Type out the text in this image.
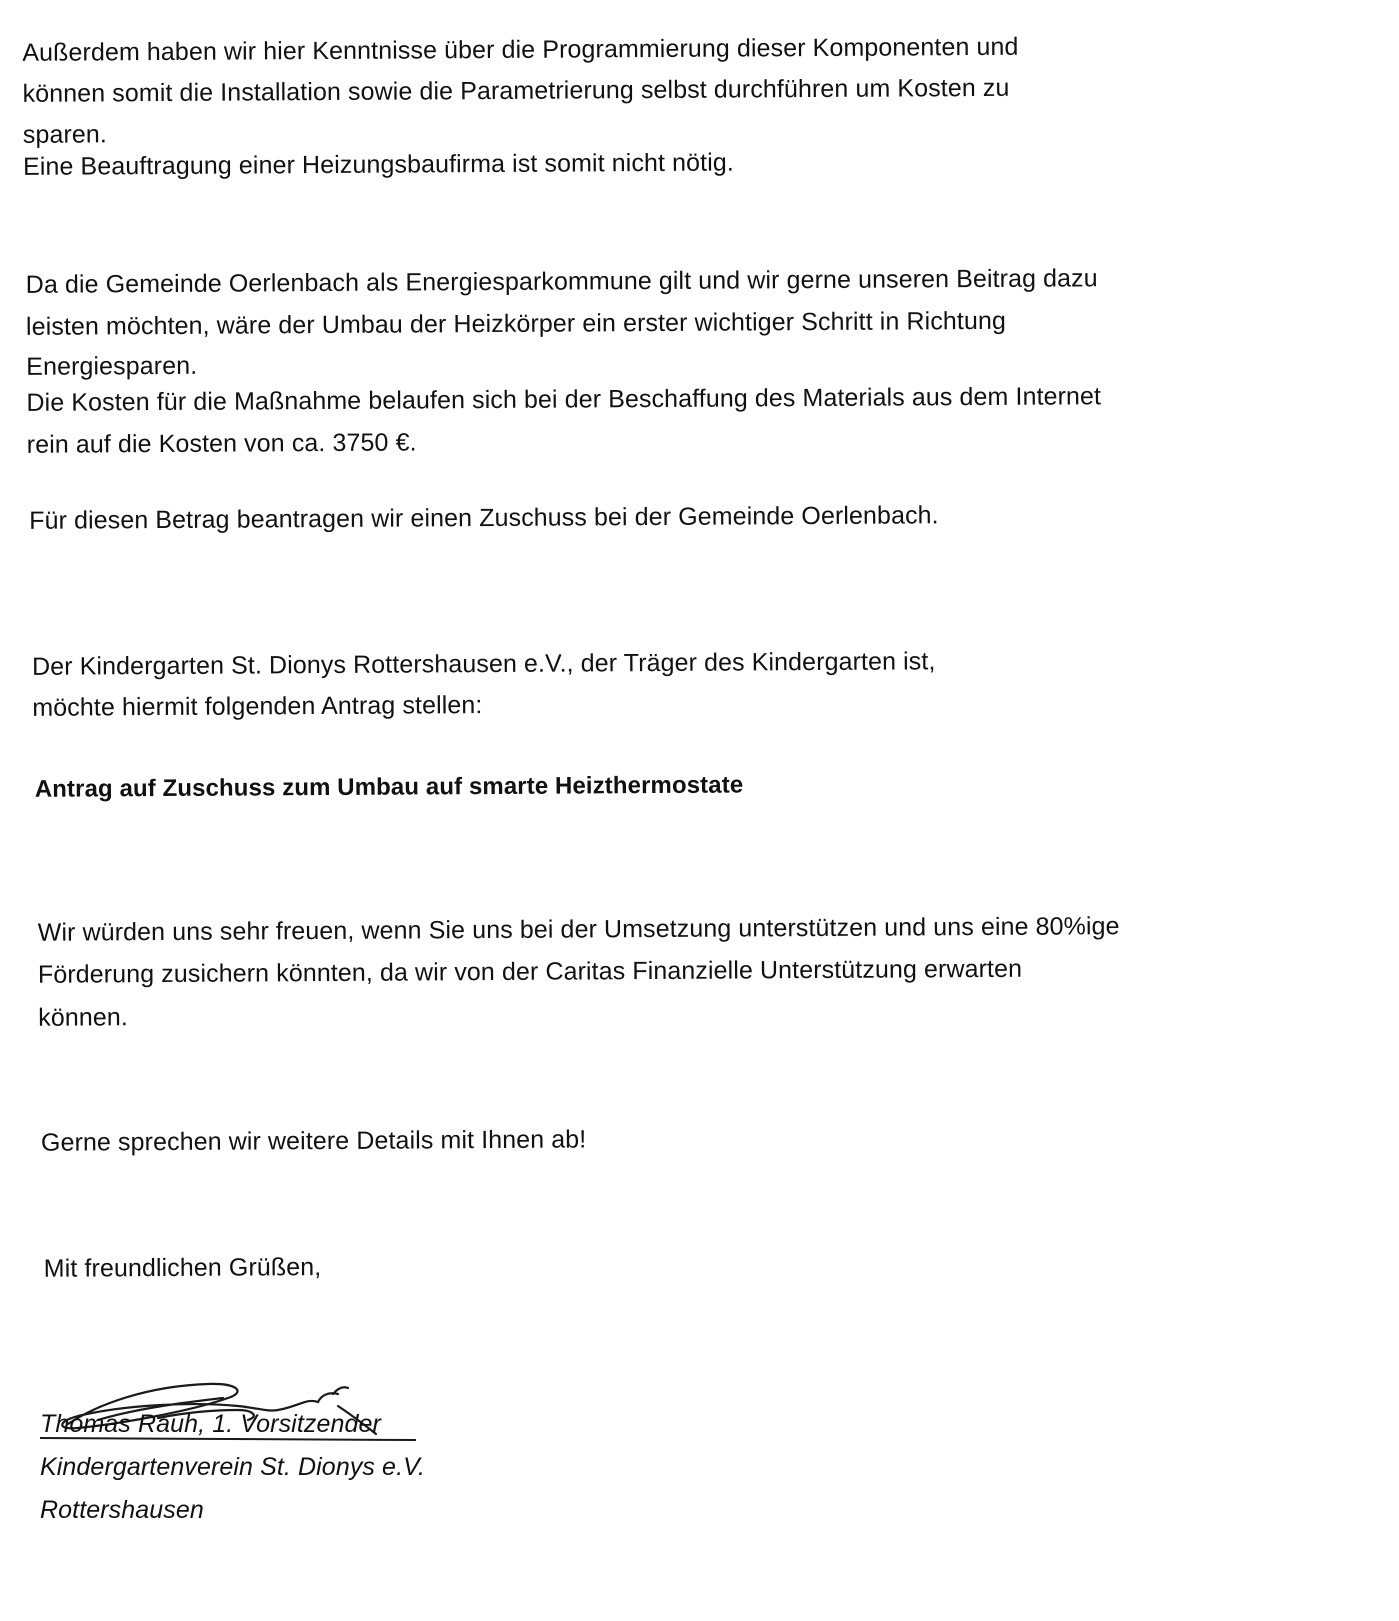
Außerdem haben wir hier Kenntnisse über die Programmierung dieser Komponenten und
können somit die Installation sowie die Parametrierung selbst durchführen um Kosten zu
sparen.
Eine Beauftragung einer Heizungsbaufirma ist somit nicht nötig.
Da die Gemeinde Oerlenbach als Energiesparkommune gilt und wir gerne unseren Beitrag dazu
leisten möchten, wäre der Umbau der Heizkörper ein erster wichtiger Schritt in Richtung
Energiesparen.
Die Kosten für die Maßnahme belaufen sich bei der Beschaffung des Materials aus dem Internet
rein auf die Kosten von ca. 3750 €.
Für diesen Betrag beantragen wir einen Zuschuss bei der Gemeinde Oerlenbach.
Der Kindergarten St. Dionys Rottershausen e.V., der Träger des Kindergarten ist,
möchte hiermit folgenden Antrag stellen:
Antrag auf Zuschuss zum Umbau auf smarte Heizthermostate
Wir würden uns sehr freuen, wenn Sie uns bei der Umsetzung unterstützen und uns eine 80%ige
Förderung zusichern könnten, da wir von der Caritas Finanzielle Unterstützung erwarten
können.
Gerne sprechen wir weitere Details mit Ihnen ab!
Mit freundlichen Grüßen,
Thomas Rauh, 1. Vorsitzender
Kindergartenverein St. Dionys e.V.
Rottershausen
